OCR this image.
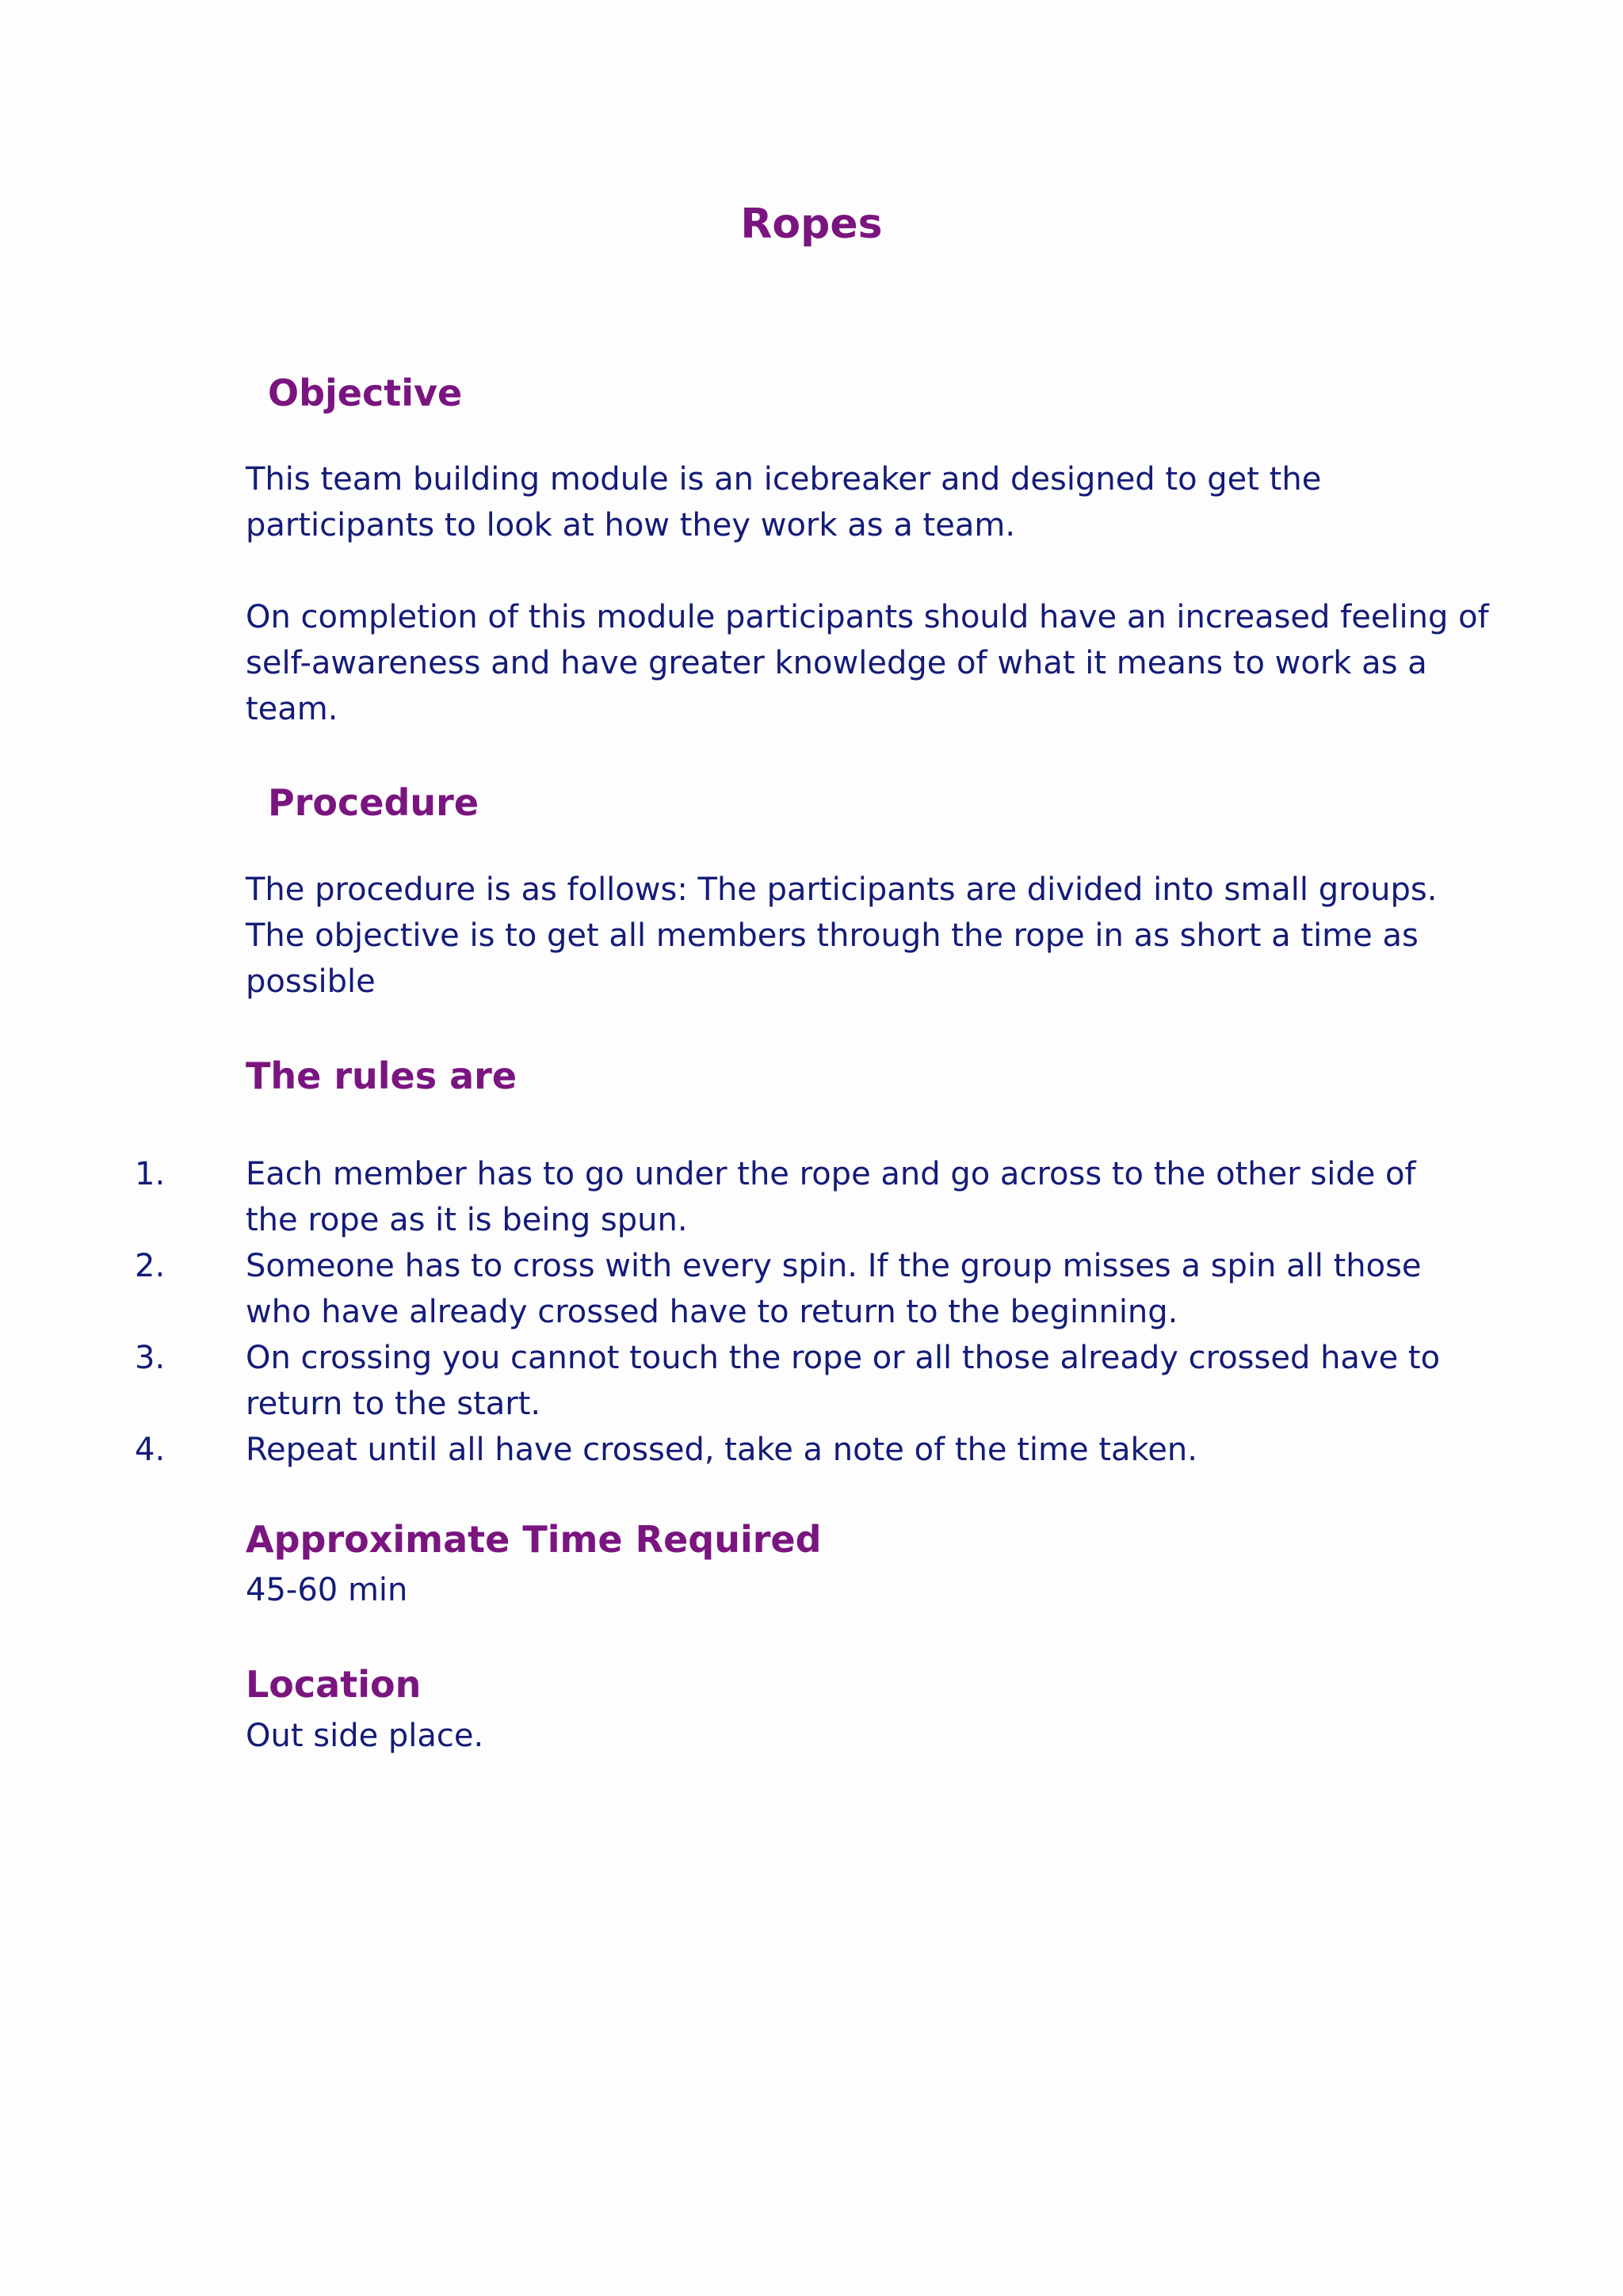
Ropes
Objective

This team building module is an icebreaker and designed to get the
participants to look at how they work as a team.

On completion of this module participants should have an increased feeling of
self-awareness and have greater knowledge of what it means to work as a
team.

Procedure

The procedure is as follows: The participants are divided into small groups.
The objective is to get all members through the rope in as short a time as
possible

The rules are
1.	Each member has to go under the rope and go across to the other side of
the rope as it is being spun.
2.	Someone has to cross with every spin. If the group misses a spin all those
who have already crossed have to return to the beginning.
3.	On crossing you cannot touch the rope or all those already crossed have to
return to the start.
4.	Repeat until all have crossed, take a note of the time taken.
Approximate Time Required

45-60 min

Location

Out side place.
